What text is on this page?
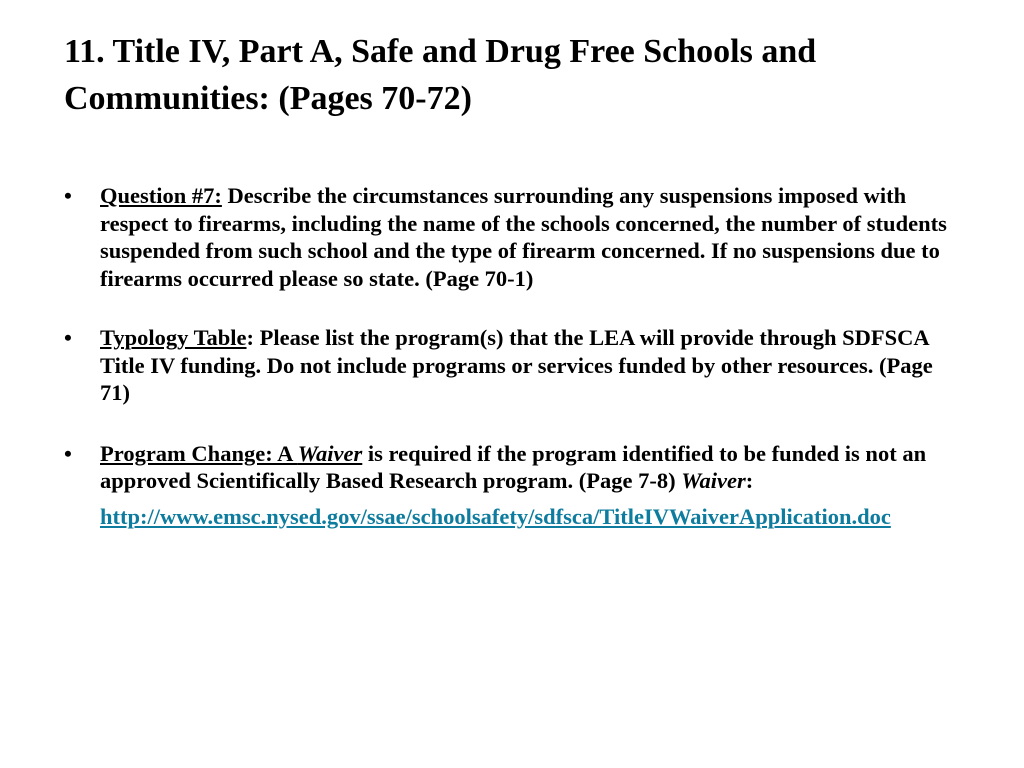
11. Title IV, Part A, Safe and Drug Free Schools and Communities: (Pages 70-72)
• Question #7: Describe the circumstances surrounding any suspensions imposed with respect to firearms, including the name of the schools concerned, the number of students suspended from such school and the type of firearm concerned. If no suspensions due to firearms occurred please so state. (Page 70-1)
• Typology Table: Please list the program(s) that the LEA will provide through SDFSCA Title IV funding. Do not include programs or services funded by other resources. (Page 71)
• Program Change: A Waiver is required if the program identified to be funded is not an approved Scientifically Based Research program. (Page 7-8) Waiver:
http://www.emsc.nysed.gov/ssae/schoolsafety/sdfsca/TitleIVWaiverApplication.doc
